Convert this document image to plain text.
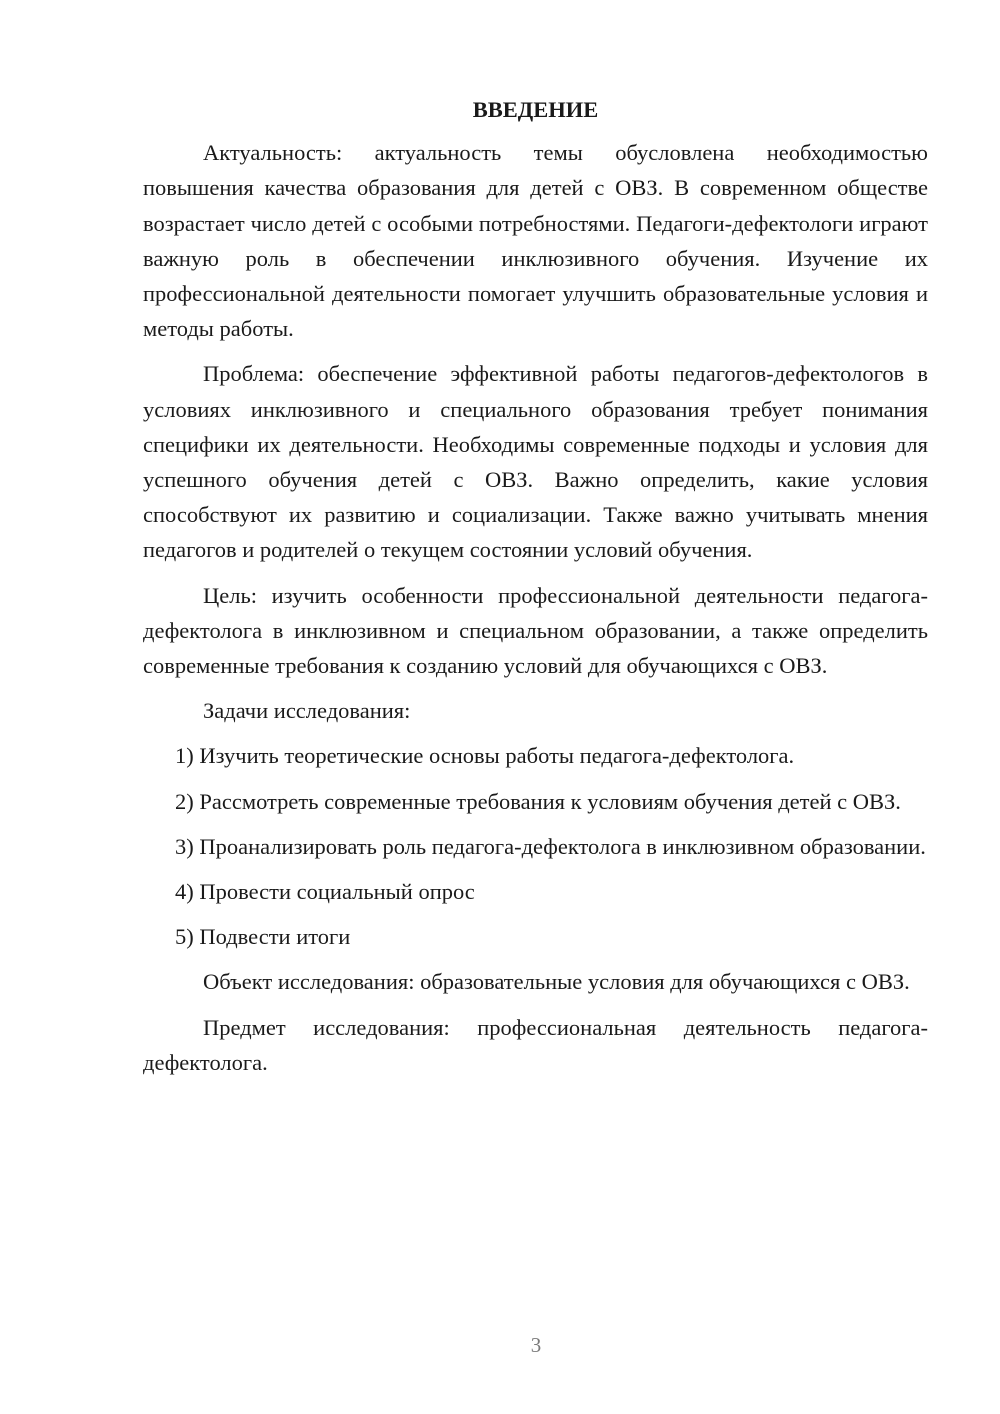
ВВЕДЕНИЕ

Актуальность: актуальность темы обусловлена необходимостью повышения качества образования для детей с ОВЗ. В современном обществе возрастает число детей с особыми потребностями. Педагоги-дефектологи играют важную роль в обеспечении инклюзивного обучения. Изучение их профессиональной деятельности помогает улучшить образовательные условия и методы работы.

Проблема: обеспечение эффективной работы педагогов-дефектологов в условиях инклюзивного и специального образования требует понимания специфики их деятельности. Необходимы современные подходы и условия для успешного обучения детей с ОВЗ. Важно определить, какие условия способствуют их развитию и социализации. Также важно учитывать мнения педагогов и родителей о текущем состоянии условий обучения.

Цель: изучить особенности профессиональной деятельности педагога-дефектолога в инклюзивном и специальном образовании, а также определить современные требования к созданию условий для обучающихся с ОВЗ.

Задачи исследования:

1) Изучить теоретические основы работы педагога-дефектолога.

2) Рассмотреть современные требования к условиям обучения детей с ОВЗ.

3) Проанализировать роль педагога-дефектолога в инклюзивном образовании.

4) Провести социальный опрос

5) Подвести итоги

Объект исследования: образовательные условия для обучающихся с ОВЗ.

Предмет исследования: профессиональная деятельность педагога-дефектолога.

3
